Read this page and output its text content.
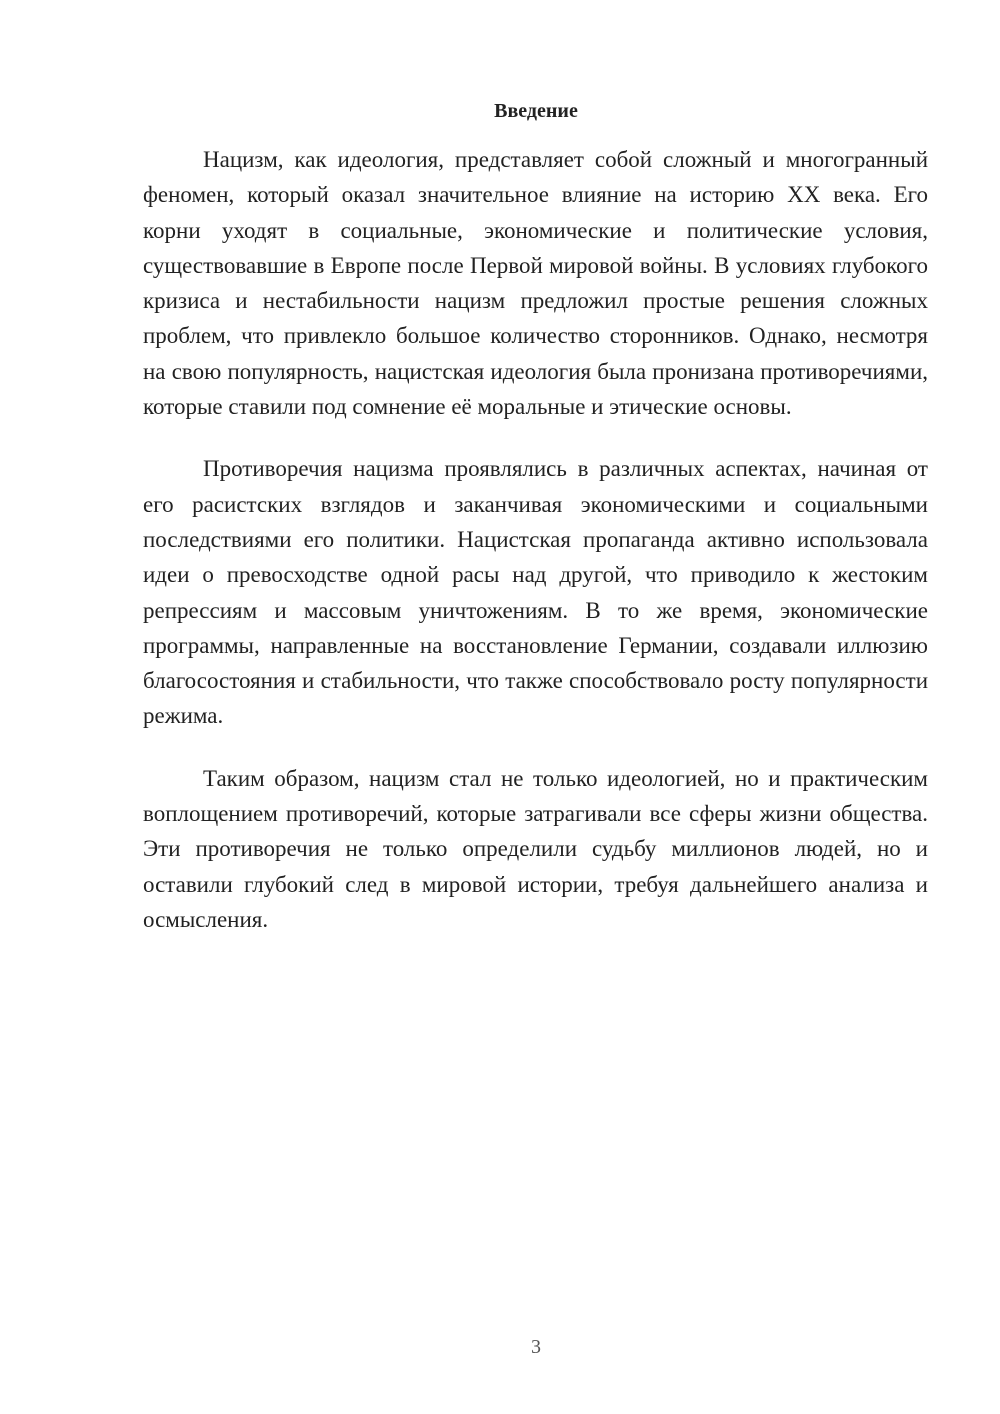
Введение

Нацизм, как идеология, представляет собой сложный и многогранный феномен, который оказал значительное влияние на историю XX века. Его корни уходят в социальные, экономические и политические условия, существовавшие в Европе после Первой мировой войны. В условиях глубокого кризиса и нестабильности нацизм предложил простые решения сложных проблем, что привлекло большое количество сторонников. Однако, несмотря на свою популярность, нацистская идеология была пронизана противоречиями, которые ставили под сомнение её моральные и этические основы.

Противоречия нацизма проявлялись в различных аспектах, начиная от его расистских взглядов и заканчивая экономическими и социальными последствиями его политики. Нацистская пропаганда активно использовала идеи о превосходстве одной расы над другой, что приводило к жестоким репрессиям и массовым уничтожениям. В то же время, экономические программы, направленные на восстановление Германии, создавали иллюзию благосостояния и стабильности, что также способствовало росту популярности режима.

Таким образом, нацизм стал не только идеологией, но и практическим воплощением противоречий, которые затрагивали все сферы жизни общества. Эти противоречия не только определили судьбу миллионов людей, но и оставили глубокий след в мировой истории, требуя дальнейшего анализа и осмысления.

3
